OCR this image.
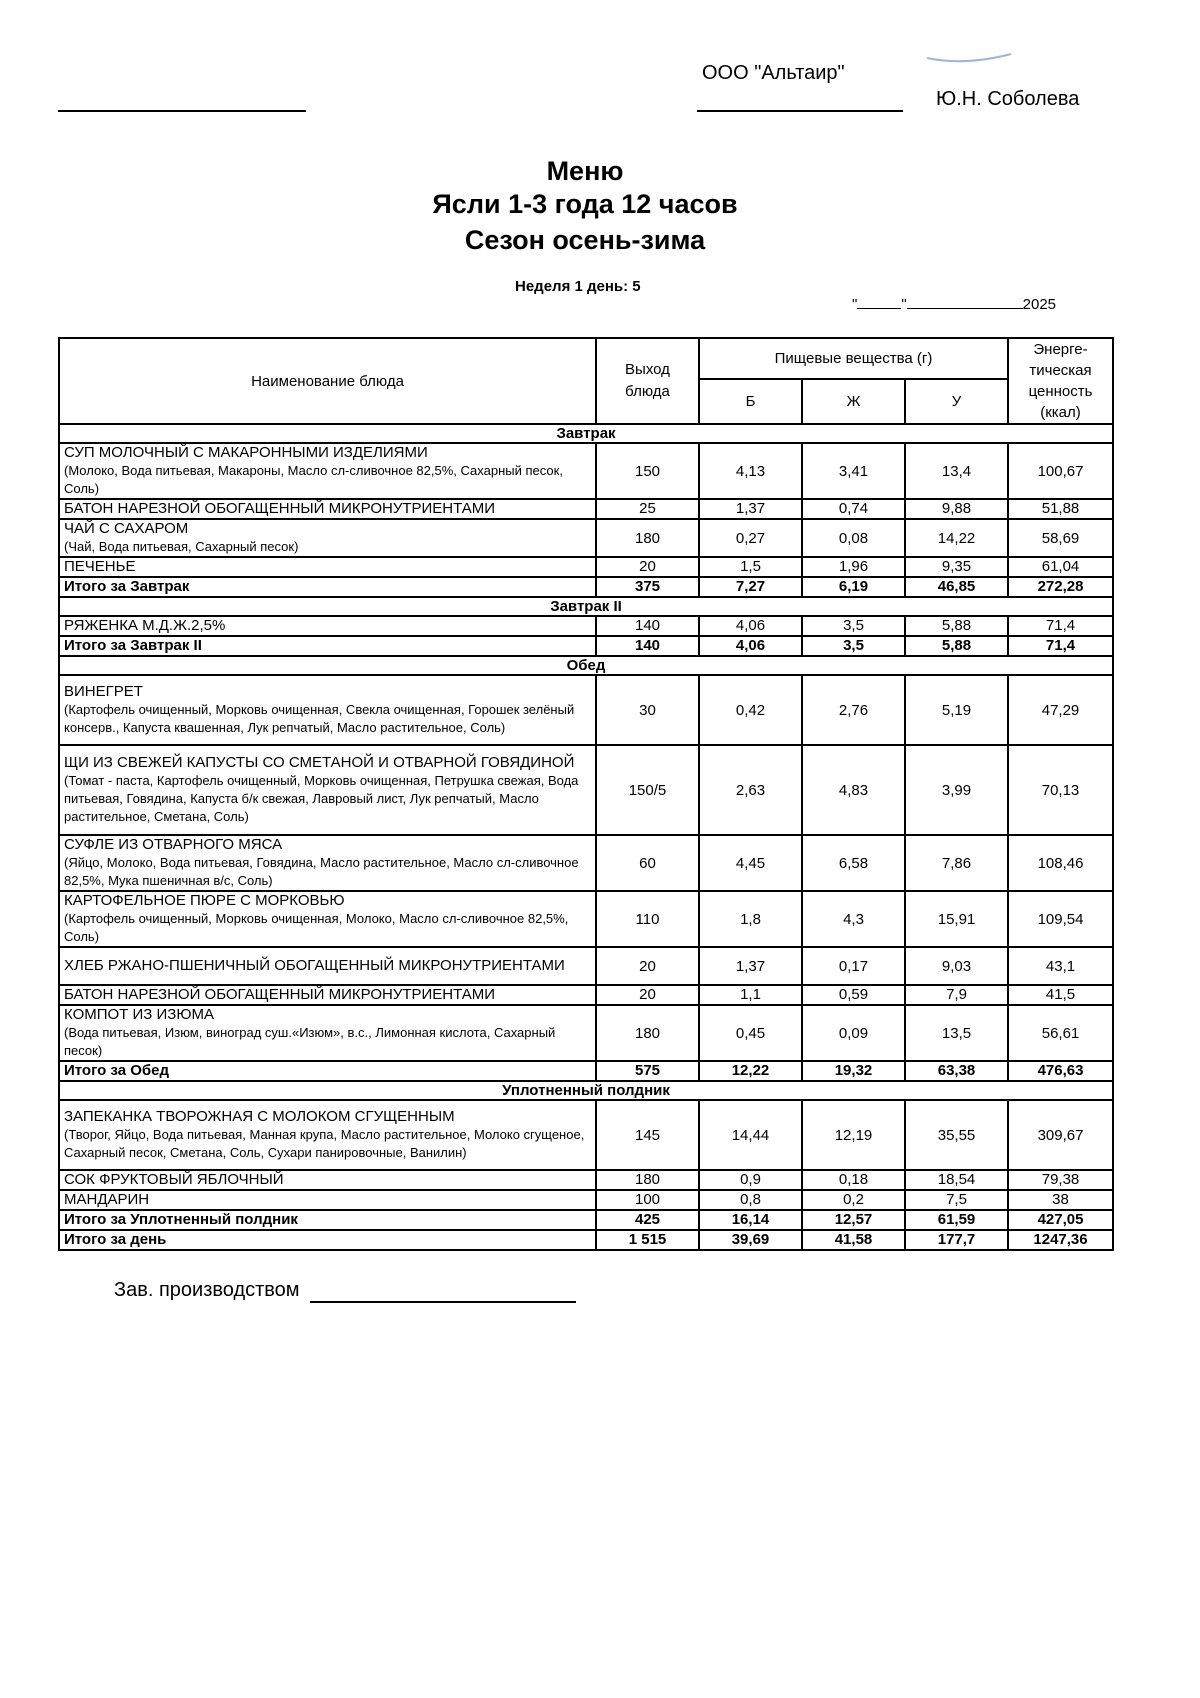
ООО "Альтаир"
Ю.Н. Соболева
Меню
Ясли 1-3 года 12 часов
Сезон осень-зима
Неделя 1 день: 5
"	"	2025
Наименование блюда	Выход блюда	Пищевые вещества (г)			Энерге-тическая ценность (ккал)
		Б	Ж	У	
Завтрак					

СУП МОЛОЧНЫЙ С МАКАРОННЫМИ ИЗДЕЛИЯМИ
(Молоко, Вода питьевая, Макароны, Масло сл-сливочное 82,5%, Сахарный песок, Соль)	150	4,13	3,41	13,4	100,67

БАТОН НАРЕЗНОЙ ОБОГАЩЕННЫЙ МИКРОНУТРИЕНТАМИ	25	1,37	0,74	9,88	51,88

ЧАЙ С САХАРОМ
(Чай, Вода питьевая, Сахарный песок)	180	0,27	0,08	14,22	58,69

ПЕЧЕНЬЕ	20	1,5	1,96	9,35	61,04
Итого за Завтрак	375	7,27	6,19	46,85	272,28
Завтрак II					

РЯЖЕНКА М.Д.Ж.2,5%	140	4,06	3,5	5,88	71,4
Итого за Завтрак II	140	4,06	3,5	5,88	71,4
Обед					

ВИНЕГРЕТ
(Картофель очищенный, Морковь очищенная, Свекла очищенная, Горошек зелёный консерв., Капуста квашенная, Лук репчатый, Масло растительное, Соль)	30	0,42	2,76	5,19	47,29

ЩИ ИЗ СВЕЖЕЙ КАПУСТЫ СО СМЕТАНОЙ И ОТВАРНОЙ ГОВЯДИНОЙ
(Томат - паста, Картофель очищенный, Морковь очищенная, Петрушка свежая, Вода питьевая, Говядина, Капуста б/к свежая, Лавровый лист, Лук репчатый, Масло растительное, Сметана, Соль)	150/5	2,63	4,83	3,99	70,13

СУФЛЕ ИЗ ОТВАРНОГО МЯСА
(Яйцо, Молоко, Вода питьевая, Говядина, Масло растительное, Масло сл-сливочное 82,5%, Мука пшеничная в/с, Соль)	60	4,45	6,58	7,86	108,46

КАРТОФЕЛЬНОЕ ПЮРЕ С МОРКОВЬЮ
(Картофель очищенный, Морковь очищенная, Молоко, Масло сл-сливочное 82,5%, Соль)	110	1,8	4,3	15,91	109,54

ХЛЕБ РЖАНО-ПШЕНИЧНЫЙ ОБОГАЩЕННЫЙ МИКРОНУТРИЕНТАМИ	20	1,37	0,17	9,03	43,1

БАТОН НАРЕЗНОЙ ОБОГАЩЕННЫЙ МИКРОНУТРИЕНТАМИ	20	1,1	0,59	7,9	41,5

КОМПОТ ИЗ ИЗЮМА
(Вода питьевая, Изюм, виноград суш.«Изюм», в.с., Лимонная кислота, Сахарный песок)	180	0,45	0,09	13,5	56,61
Итого за Обед	575	12,22	19,32	63,38	476,63
Уплотненный полдник					

ЗАПЕКАНКА ТВОРОЖНАЯ С МОЛОКОМ СГУЩЕННЫМ
(Творог, Яйцо, Вода питьевая, Манная крупа, Масло растительное, Молоко сгущеное, Сахарный песок, Сметана, Соль, Сухари панировочные, Ванилин)	145	14,44	12,19	35,55	309,67

СОК ФРУКТОВЫЙ ЯБЛОЧНЫЙ	180	0,9	0,18	18,54	79,38

МАНДАРИН	100	0,8	0,2	7,5	38
Итого за Уплотненный полдник	425	16,14	12,57	61,59	427,05
Итого за день	1 515	39,69	41,58	177,7	1247,36
Зав. производством
